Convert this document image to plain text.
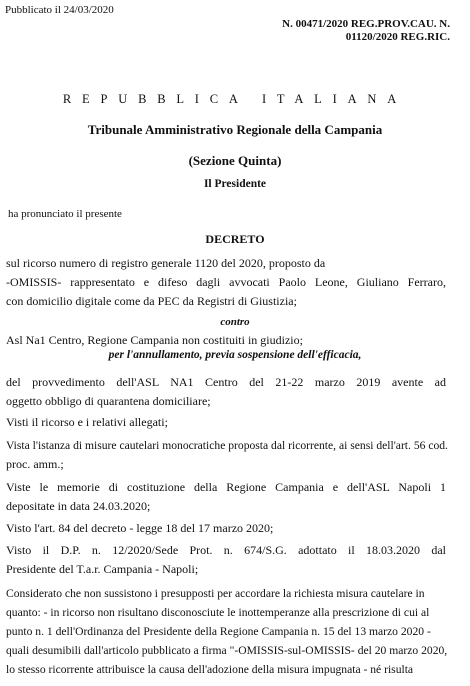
Pubblicato il 24/03/2020
N. 00471/2020 REG.PROV.CAU. N.
01120/2020 REG.RIC.
REPUBBLICA ITALIANA
Tribunale Amministrativo Regionale della Campania
(Sezione Quinta)
Il Presidente
ha pronunciato il presente
DECRETO
sul ricorso numero di registro generale 1120 del 2020, proposto da
-OMISSIS- rappresentato e difeso dagli avvocati Paolo Leone, Giuliano Ferraro,
con domicilio digitale come da PEC da Registri di Giustizia;
contro
Asl Na1 Centro, Regione Campania non costituiti in giudizio;
per l'annullamento, previa sospensione dell'efficacia,
del provvedimento dell'ASL NA1 Centro del 21-22 marzo 2019 avente ad
oggetto obbligo di quarantena domiciliare;
Visti il ricorso e i relativi allegati;
Vista l'istanza di misure cautelari monocratiche proposta dal ricorrente, ai sensi dell'art. 56 cod.
proc. amm.;
Viste le memorie di costituzione della Regione Campania e dell'ASL Napoli 1
depositate in data 24.03.2020;
Visto l'art. 84 del decreto - legge 18 del 17 marzo 2020;
Visto il D.P. n. 12/2020/Sede Prot. n. 674/S.G. adottato il 18.03.2020 dal
Presidente del T.a.r. Campania - Napoli;
Considerato che non sussistono i presupposti per accordare la richiesta misura cautelare in
quanto: - in ricorso non risultano disconosciute le inottemperanze alla prescrizione di cui al
punto n. 1 dell'Ordinanza del Presidente della Regione Campania n. 15 del 13 marzo 2020 -
quali desumibili dall'articolo pubblicato a firma "-OMISSIS-sul-OMISSIS- del 20 marzo 2020,
lo stesso ricorrente attribuisce la causa dell'adozione della misura impugnata - né risulta
